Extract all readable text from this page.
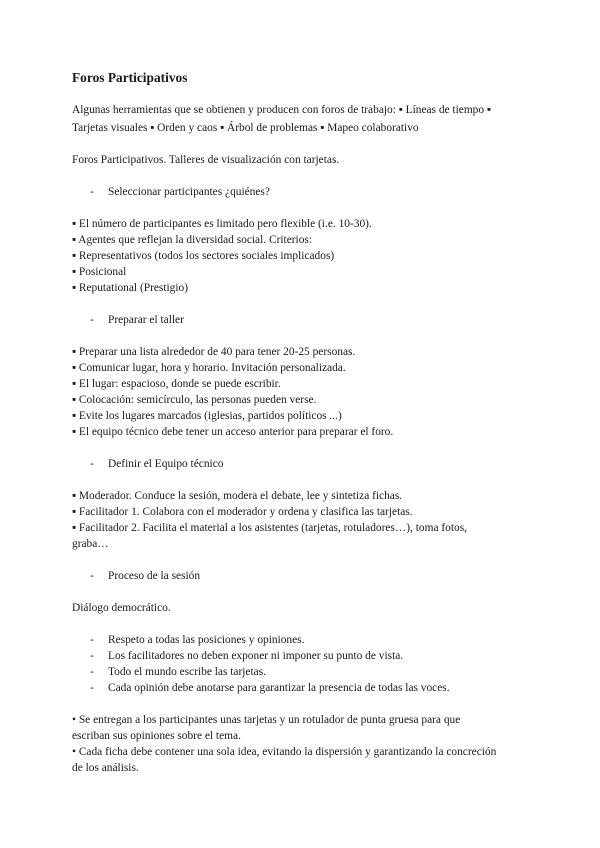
Foros Participativos
Algunas herramientas que se obtienen y producen con foros de trabajo: ▪ Líneas de tiempo ▪
Tarjetas visuales ▪ Orden y caos ▪ Árbol de problemas ▪ Mapeo colaborativo
Foros Participativos. Talleres de visualización con tarjetas.
- Seleccionar participantes ¿quiénes?
▪ El número de participantes es limitado pero flexible (i.e. 10-30).
▪ Agentes que reflejan la diversidad social. Criterios:
▪ Representativos (todos los sectores sociales implicados)
▪ Posicional
▪ Reputational (Prestigio)
- Preparar el taller
▪ Preparar una lista alrededor de 40 para tener 20-25 personas.
▪ Comunicar lugar, hora y horario. Invitación personalizada.
▪ El lugar: espacioso, donde se puede escribir.
▪ Colocación: semicírculo, las personas pueden verse.
▪ Evite los lugares marcados (iglesias, partidos políticos ...)
▪ El equipo técnico debe tener un acceso anterior para preparar el foro.
- Definir el Equipo técnico
▪ Moderador. Conduce la sesión, modera el debate, lee y sintetiza fichas.
▪ Facilitador 1. Colabora con el moderador y ordena y clasifica las tarjetas.
▪ Facilitador 2. Facilita el material a los asistentes (tarjetas, rotuladores…), toma fotos,
graba…
- Proceso de la sesión
Diálogo democrático.
- Respeto a todas las posiciones y opiniones.
- Los facilitadores no deben exponer ni imponer su punto de vista.
- Todo el mundo escribe las tarjetas.
- Cada opinión debe anotarse para garantizar la presencia de todas las voces.
• Se entregan a los participantes unas tarjetas y un rotulador de punta gruesa para que
escriban sus opiniones sobre el tema.
• Cada ficha debe contener una sola idea, evitando la dispersión y garantizando la concreción
de los análisis.
